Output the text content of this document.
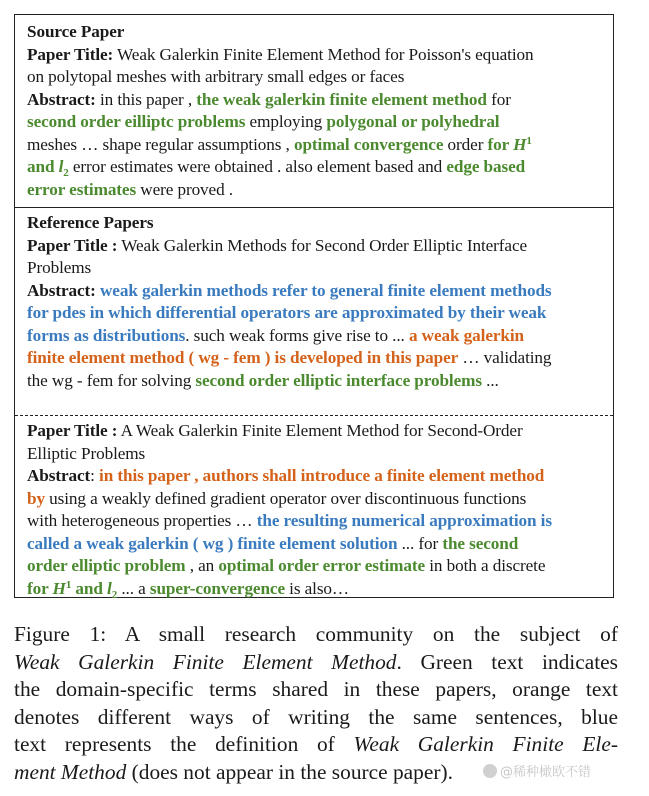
Source Paper
Paper Title: Weak Galerkin Finite Element Method for Poisson's equation
on polytopal meshes with arbitrary small edges or faces
Abstract: in this paper , the weak galerkin finite element method for
second order eilliptc problems employing polygonal or polyhedral
meshes … shape regular assumptions , optimal convergence order for $H^1$
and $l_2$ error estimates were obtained . also element based and edge based
error estimates were proved .
Reference Papers
Paper Title : Weak Galerkin Methods for Second Order Elliptic Interface
Problems
Abstract: weak galerkin methods refer to general finite element methods
for pdes in which differential operators are approximated by their weak
forms as distributions. such weak forms give rise to ... a weak galerkin
finite element method ( wg - fem ) is developed in this paper … validating
the wg - fem for solving second order elliptic interface problems ...
Paper Title : A Weak Galerkin Finite Element Method for Second-Order
Elliptic Problems
Abstract: in this paper , authors shall introduce a finite element method
by using a weakly defined gradient operator over discontinuous functions
with heterogeneous properties … the resulting numerical approximation is
called a weak galerkin ( wg ) finite element solution ... for the second
order elliptic problem , an optimal order error estimate in both a discrete
for $H^1$ and $l_2$ ... a super-convergence is also…
Figure 1: A small research community on the subject of
Weak Galerkin Finite Element Method. Green text indicates
the domain-specific terms shared in these papers, orange text
denotes different ways of writing the same sentences, blue
text represents the definition of Weak Galerkin Finite Ele-
ment Method (does not appear in the source paper).	@稀种橄欧不错
